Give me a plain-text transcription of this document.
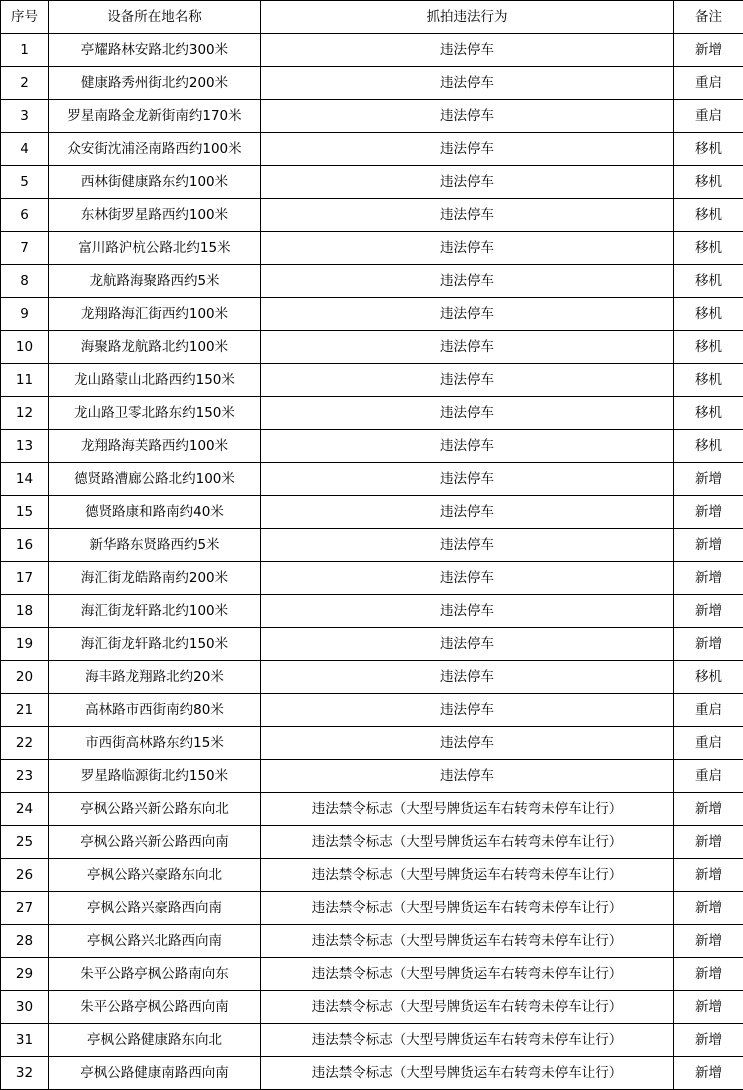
序号	设备所在地名称	抓拍违法行为	备注
1	亭耀路林安路北约300米	违法停车	新增
2	健康路秀州街北约200米	违法停车	重启
3	罗星南路金龙新街南约170米	违法停车	重启
4	众安街沈浦泾南路西约100米	违法停车	移机
5	西林街健康路东约100米	违法停车	移机
6	东林街罗星路西约100米	违法停车	移机
7	富川路沪杭公路北约15米	违法停车	移机
8	龙航路海聚路西约5米	违法停车	移机
9	龙翔路海汇街西约100米	违法停车	移机
10	海聚路龙航路北约100米	违法停车	移机
11	龙山路蒙山北路西约150米	违法停车	移机
12	龙山路卫零北路东约150米	违法停车	移机
13	龙翔路海芙路西约100米	违法停车	移机
14	德贤路漕廊公路北约100米	违法停车	新增
15	德贤路康和路南约40米	违法停车	新增
16	新华路东贤路西约5米	违法停车	新增
17	海汇街龙皓路南约200米	违法停车	新增
18	海汇街龙轩路北约100米	违法停车	新增
19	海汇街龙轩路北约150米	违法停车	新增
20	海丰路龙翔路北约20米	违法停车	移机
21	高林路市西街南约80米	违法停车	重启
22	市西街高林路东约15米	违法停车	重启
23	罗星路临源街北约150米	违法停车	重启
24	亭枫公路兴新公路东向北	违法禁令标志（大型号牌货运车右转弯未停车让行）	新增
25	亭枫公路兴新公路西向南	违法禁令标志（大型号牌货运车右转弯未停车让行）	新增
26	亭枫公路兴豪路东向北	违法禁令标志（大型号牌货运车右转弯未停车让行）	新增
27	亭枫公路兴豪路西向南	违法禁令标志（大型号牌货运车右转弯未停车让行）	新增
28	亭枫公路兴北路西向南	违法禁令标志（大型号牌货运车右转弯未停车让行）	新增
29	朱平公路亭枫公路南向东	违法禁令标志（大型号牌货运车右转弯未停车让行）	新增
30	朱平公路亭枫公路西向南	违法禁令标志（大型号牌货运车右转弯未停车让行）	新增
31	亭枫公路健康路东向北	违法禁令标志（大型号牌货运车右转弯未停车让行）	新增
32	亭枫公路健康南路西向南	违法禁令标志（大型号牌货运车右转弯未停车让行）	新增
